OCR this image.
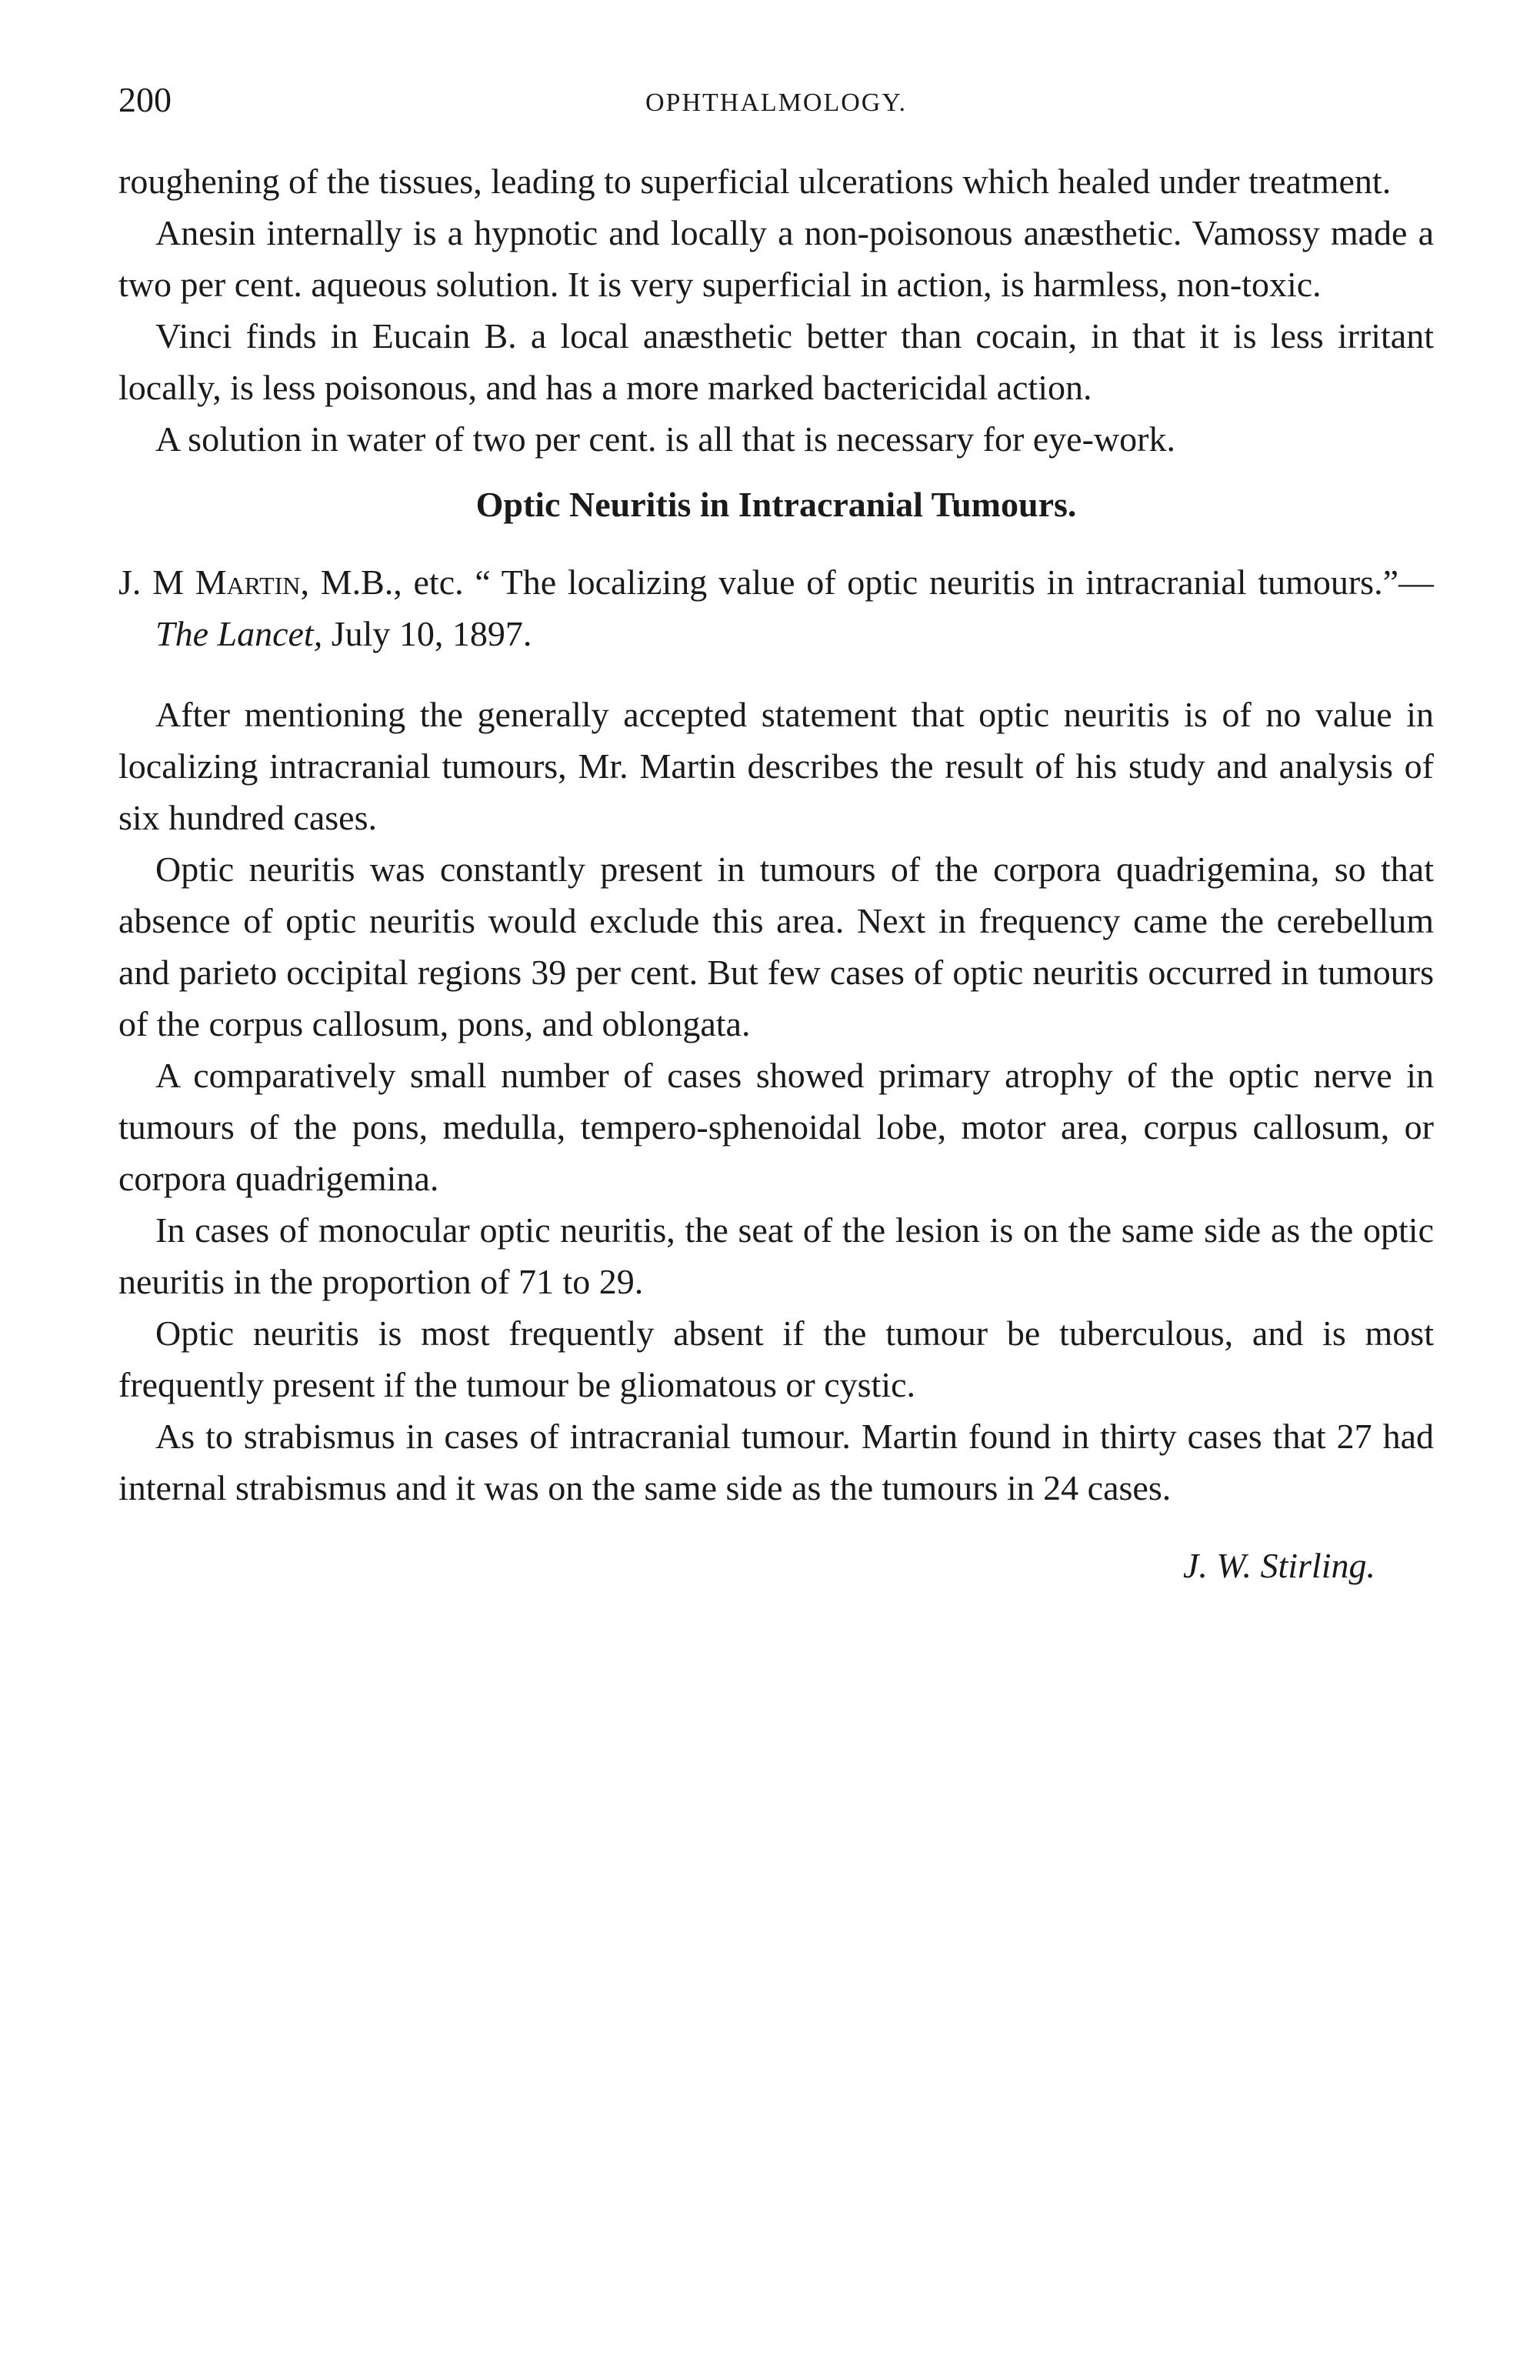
200	OPHTHALMOLOGY.

roughening of the tissues, leading to superficial ulcerations which healed under treatment.

Anesin internally is a hypnotic and locally a non-poisonous anæsthetic. Vamossy made a two per cent. aqueous solution. It is very superficial in action, is harmless, non-toxic.

Vinci finds in Eucain B. a local anæsthetic better than cocain, in that it is less irritant locally, is less poisonous, and has a more marked bactericidal action.

A solution in water of two per cent. is all that is necessary for eye-work.

Optic Neuritis in Intracranial Tumours.

J. M Martin, M.B., etc. “ The localizing value of optic neuritis in intracranial tumours.”—The Lancet, July 10, 1897.

After mentioning the generally accepted statement that optic neuritis is of no value in localizing intracranial tumours, Mr. Martin describes the result of his study and analysis of six hundred cases.

Optic neuritis was constantly present in tumours of the corpora quadrigemina, so that absence of optic neuritis would exclude this area. Next in frequency came the cerebellum and parieto occipital regions 39 per cent. But few cases of optic neuritis occurred in tumours of the corpus callosum, pons, and oblongata.

A comparatively small number of cases showed primary atrophy of the optic nerve in tumours of the pons, medulla, tempero-sphenoidal lobe, motor area, corpus callosum, or corpora quadrigemina.

In cases of monocular optic neuritis, the seat of the lesion is on the same side as the optic neuritis in the proportion of 71 to 29.

Optic neuritis is most frequently absent if the tumour be tuberculous, and is most frequently present if the tumour be gliomatous or cystic.

As to strabismus in cases of intracranial tumour. Martin found in thirty cases that 27 had internal strabismus and it was on the same side as the tumours in 24 cases.

J. W. Stirling.
